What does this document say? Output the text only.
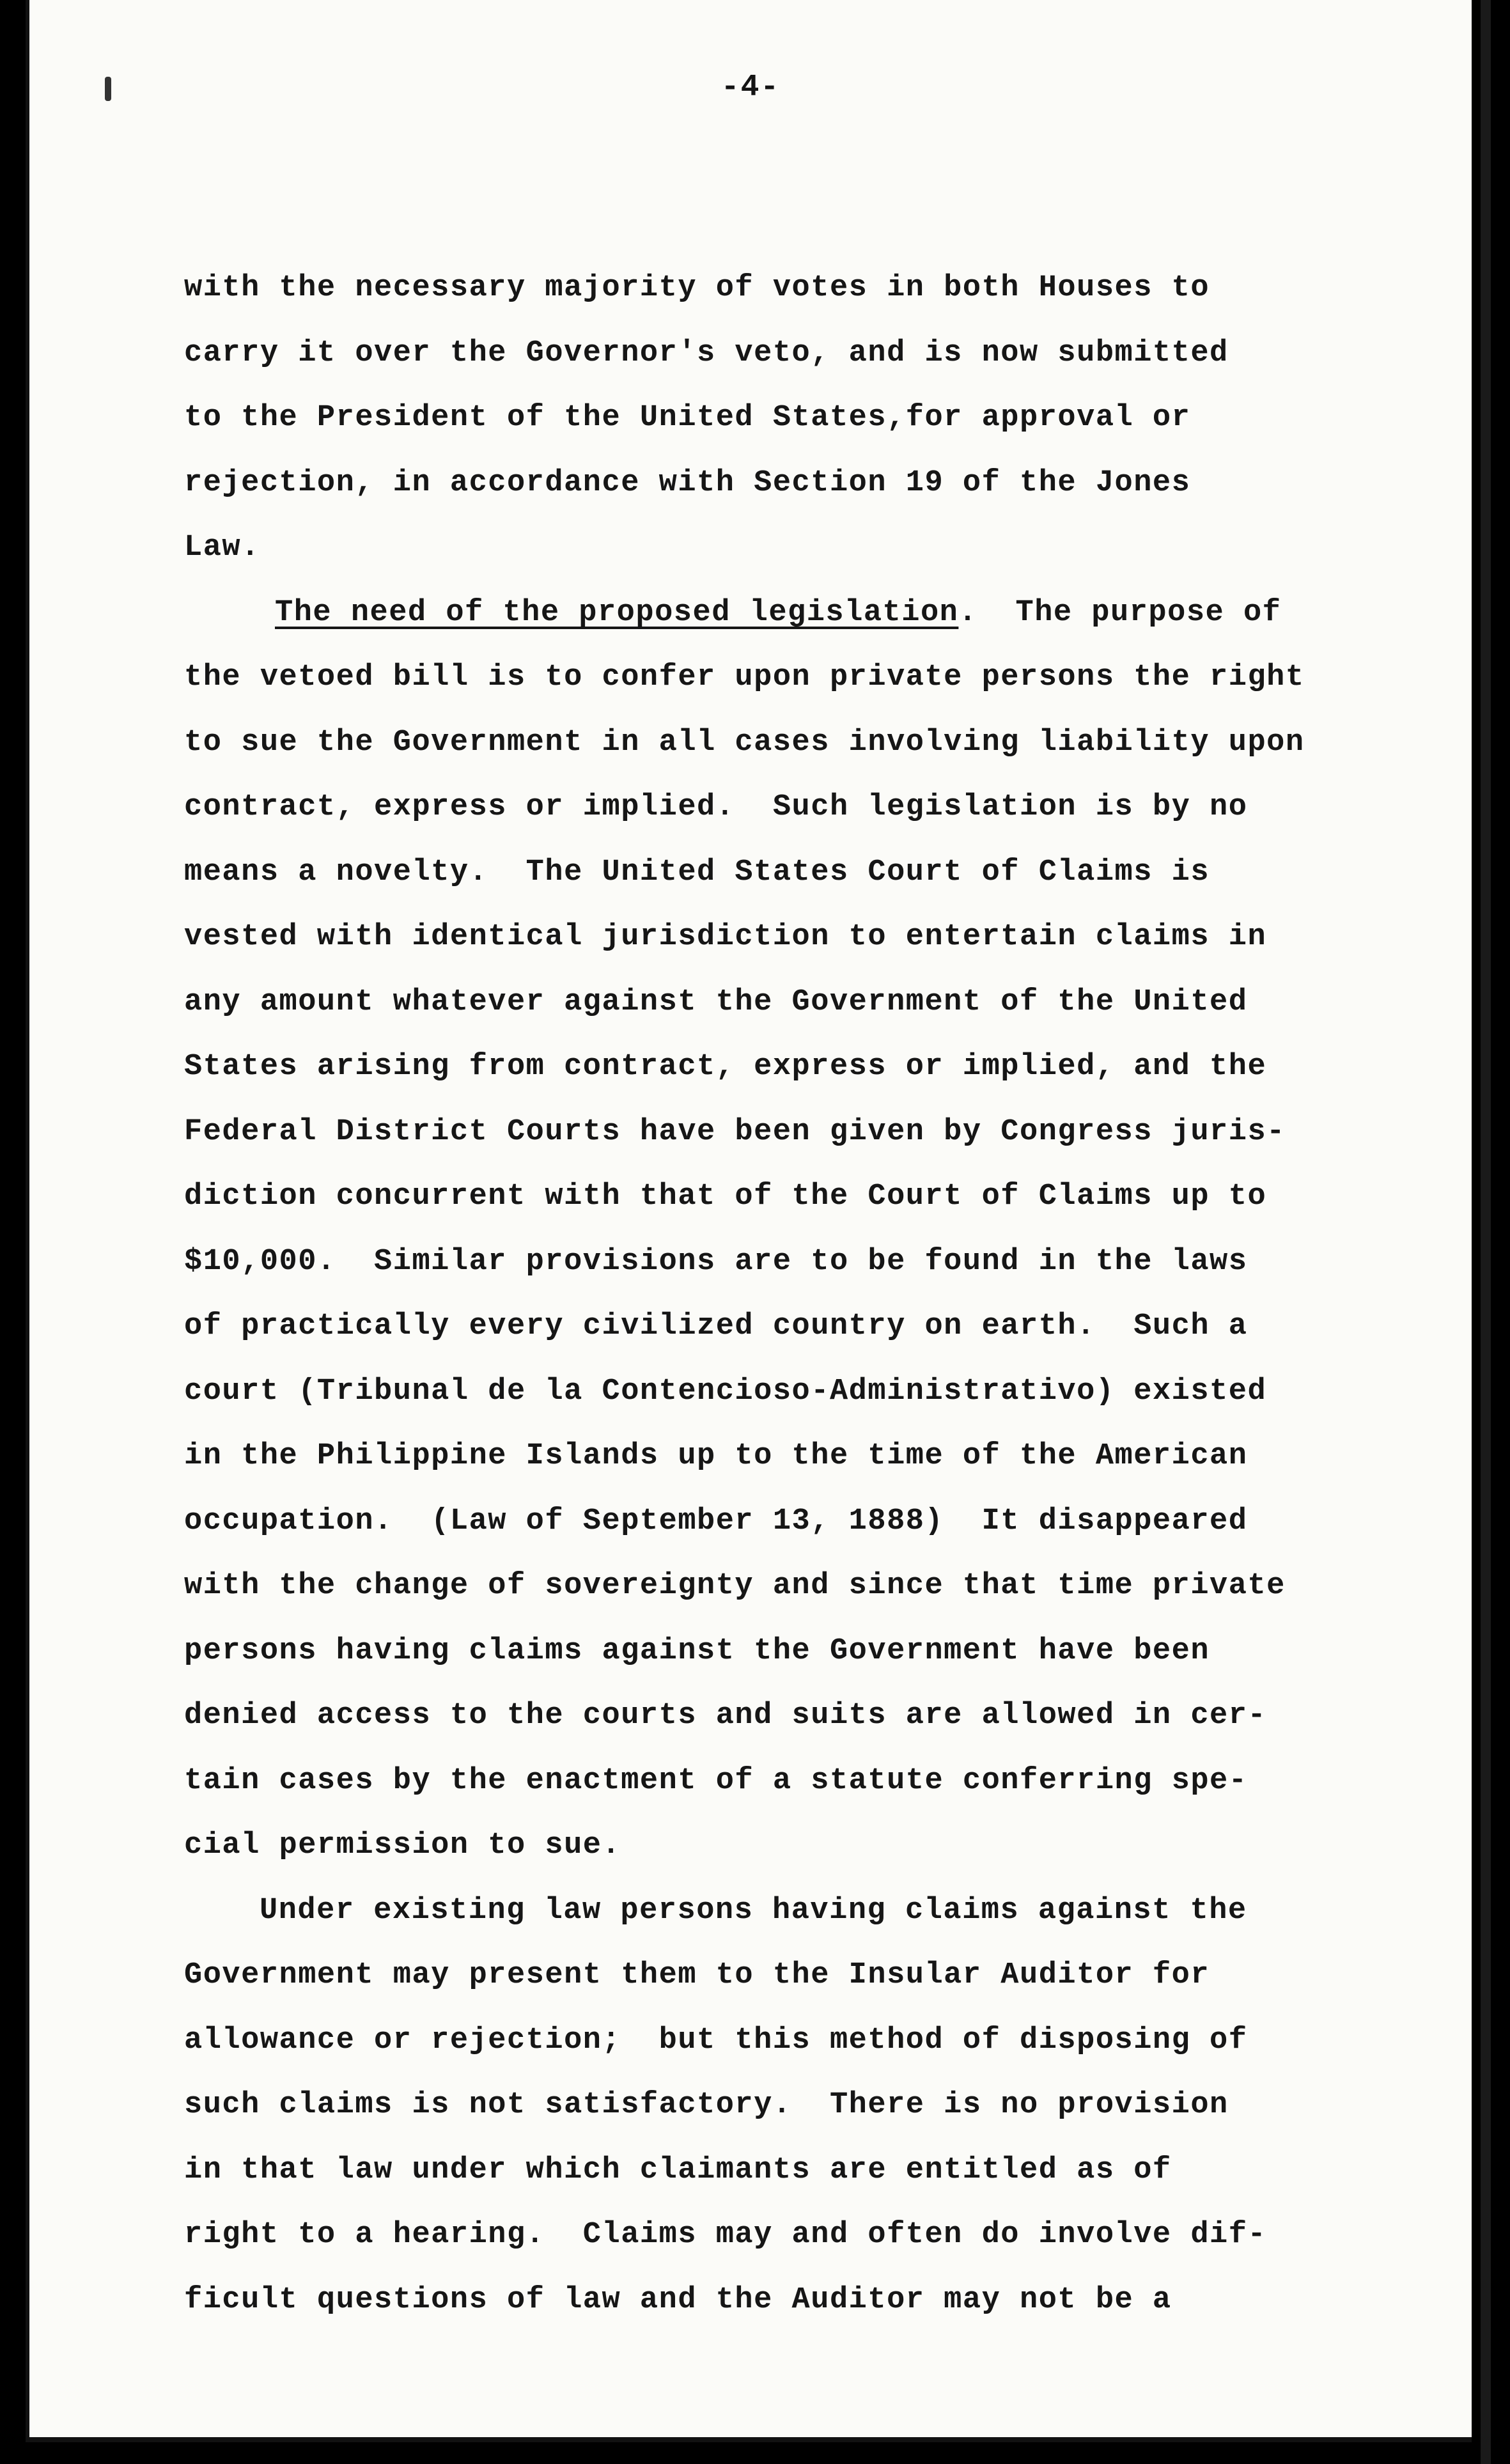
-4-
with the necessary majority of votes in both Houses to
carry it over the Governor's veto, and is now submitted
to the President of the United States,for approval or
rejection, in accordance with Section 19 of the Jones
Law.
The need of the proposed legislation.  The purpose of
the vetoed bill is to confer upon private persons the right
to sue the Government in all cases involving liability upon
contract, express or implied.  Such legislation is by no
means a novelty.  The United States Court of Claims is
vested with identical jurisdiction to entertain claims in
any amount whatever against the Government of the United
States arising from contract, express or implied, and the
Federal District Courts have been given by Congress juris-
diction concurrent with that of the Court of Claims up to
$10,000.  Similar provisions are to be found in the laws
of practically every civilized country on earth.  Such a
court (Tribunal de la Contencioso-Administrativo) existed
in the Philippine Islands up to the time of the American
occupation.  (Law of September 13, 1888)  It disappeared
with the change of sovereignty and since that time private
persons having claims against the Government have been
denied access to the courts and suits are allowed in cer-
tain cases by the enactment of a statute conferring spe-
cial permission to sue.
Under existing law persons having claims against the
Government may present them to the Insular Auditor for
allowance or rejection;  but this method of disposing of
such claims is not satisfactory.  There is no provision
in that law under which claimants are entitled as of
right to a hearing.  Claims may and often do involve dif-
ficult questions of law and the Auditor may not be a
